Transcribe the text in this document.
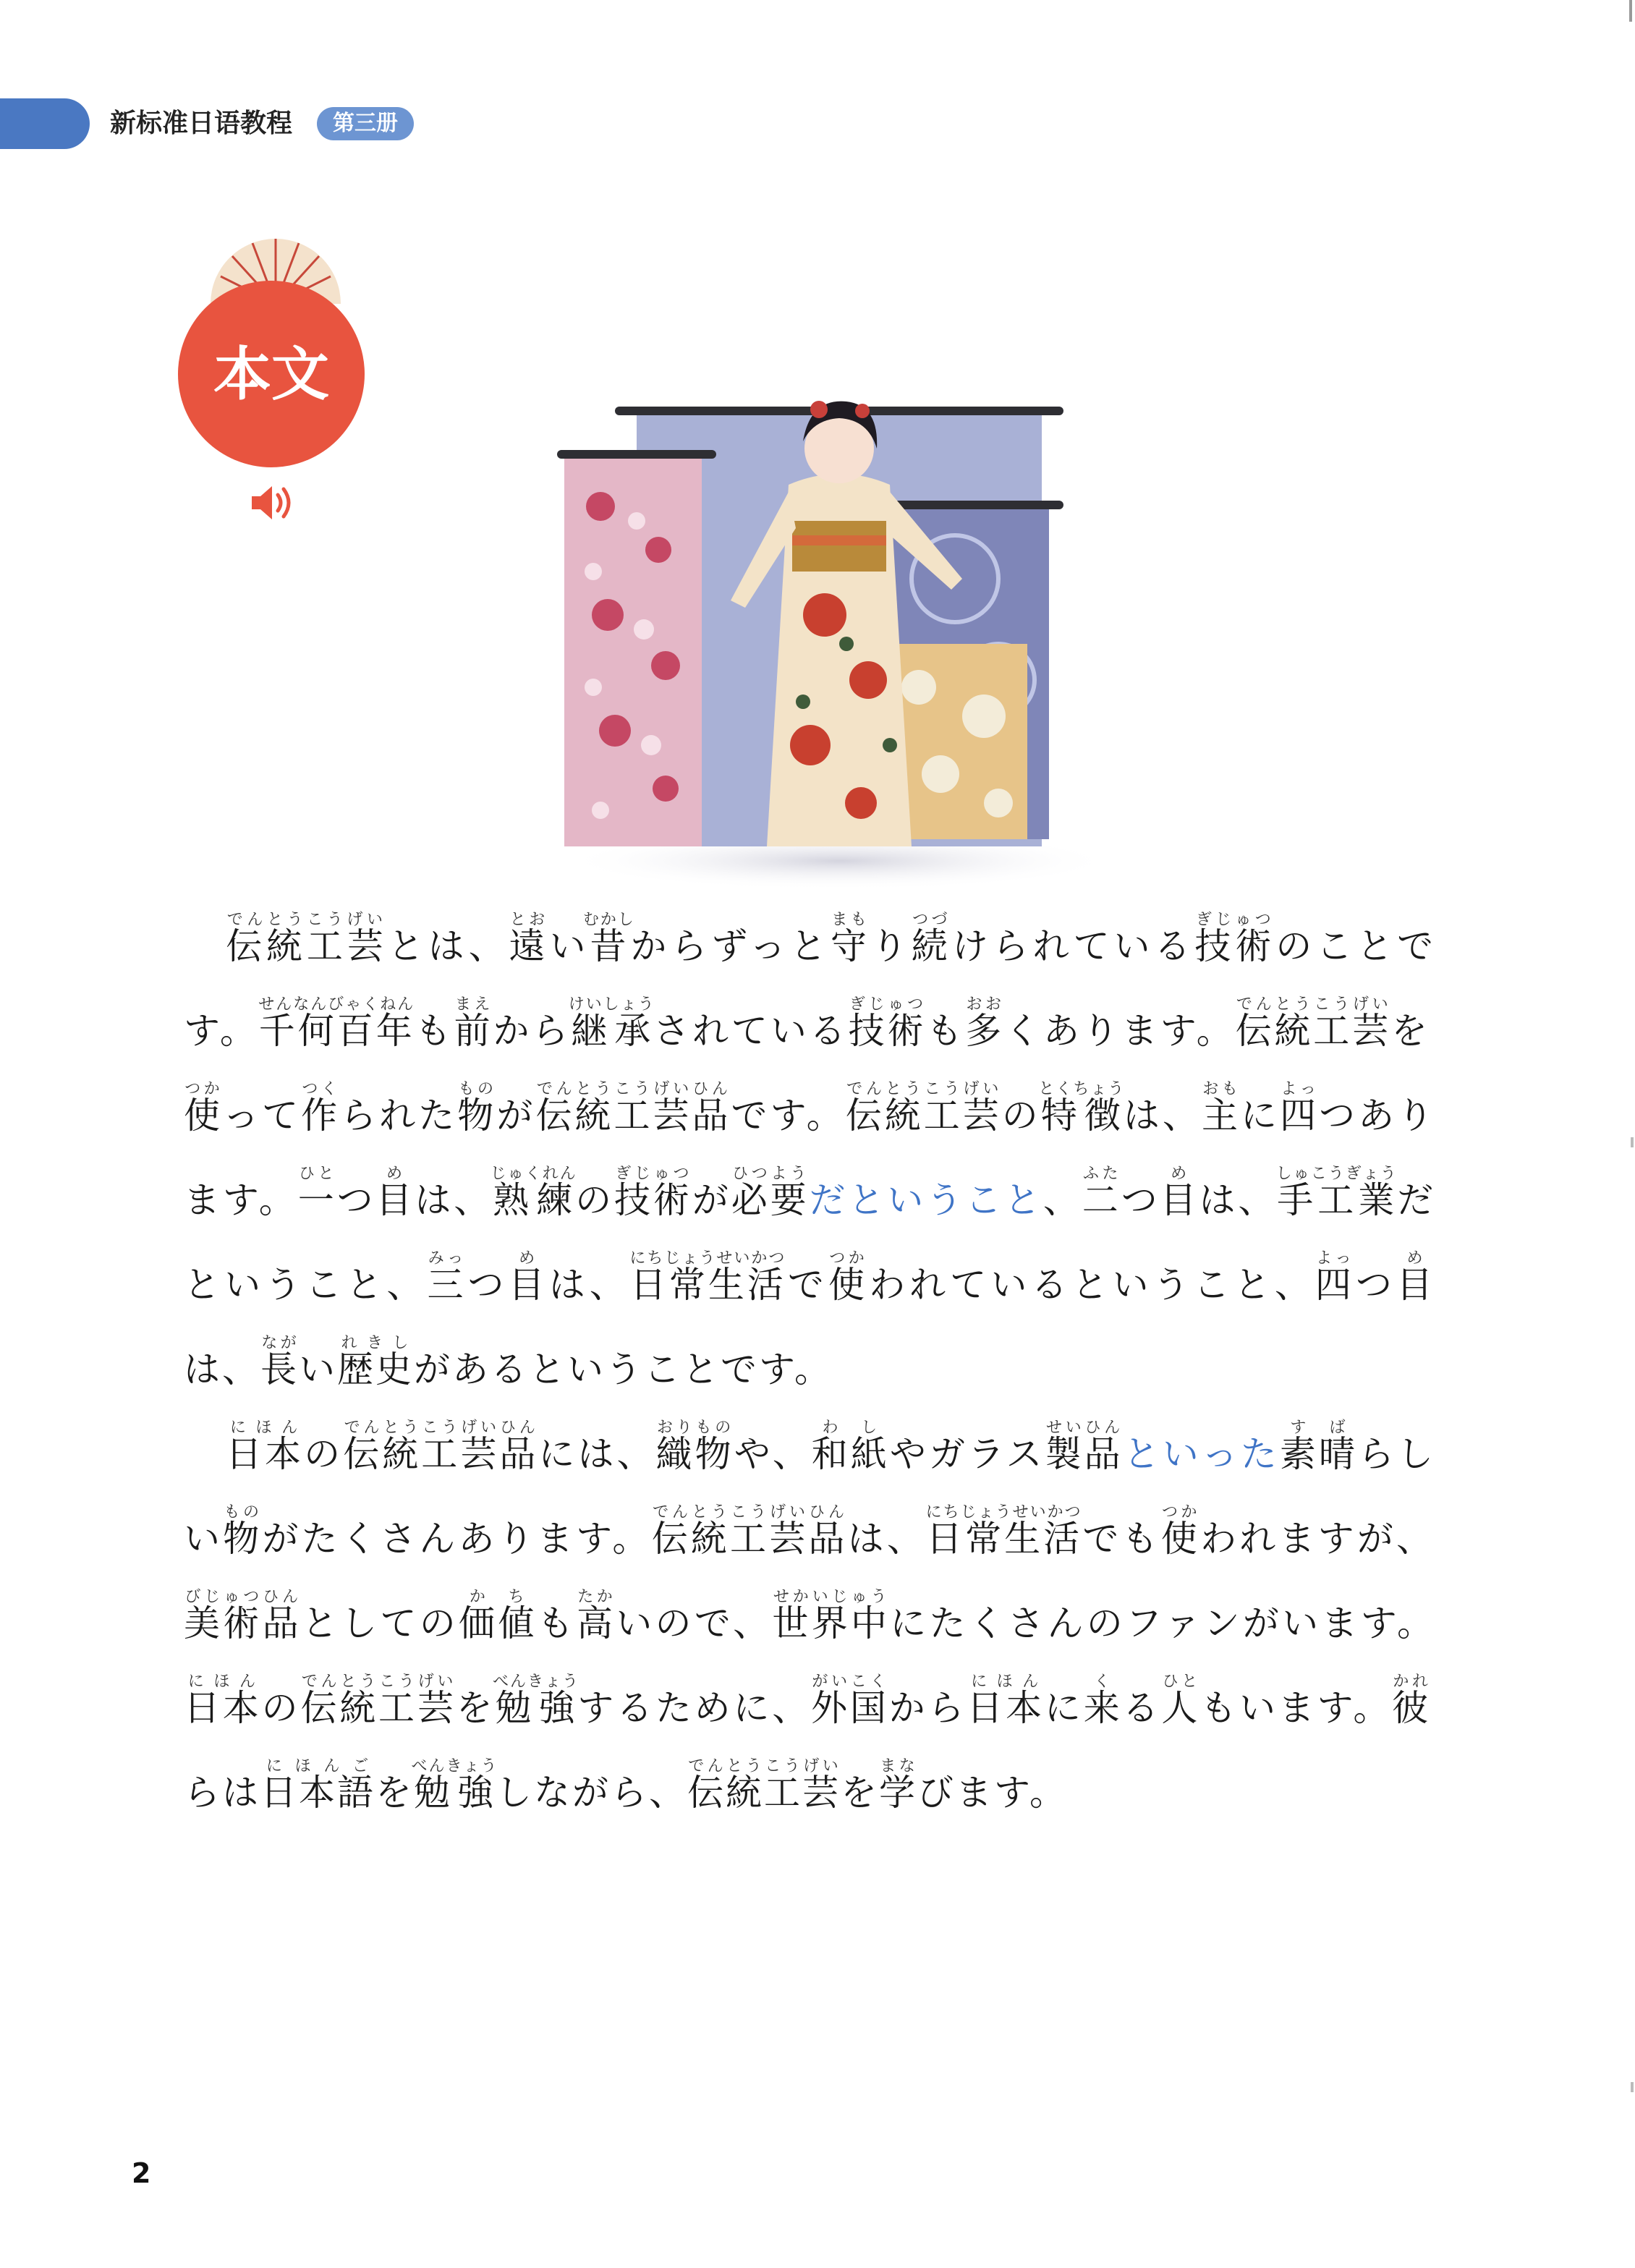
新标准日语教程	第三册
本文

伝統工芸でんとうこうげいとは、遠とおい昔むかしからずっと守まもり続つづけられている技術ぎじゅつのことです。千何百年せんなんびゃくねんも前まえから継承けいしょうされている技術ぎじゅつも多おおくあります。伝統工芸でんとうこうげいを使つかって作つくられた物ものが伝統工芸品でんとうこうげいひんです。伝統工芸でんとうこうげいの特徴とくちょうは、主おもに四よっつあります。一ひとつ目めは、熟練じゅくれんの技術ぎじゅつが必要ひつようだということ、二ふたつ目めは、手工業しゅこうぎょうだということ、三みっつ目めは、日常生活にちじょうせいかつで使つかわれているということ、四よっつ目めは、長ながい歴史れきしがあるということです。

日本にほんの伝統工芸品でんとうこうげいひんには、織物おりものや、和紙わしやガラス製品せいひんといった素す晴ばらしい物ものがたくさんあります。伝統工芸品でんとうこうげいひんは、日常生活にちじょうせいかつでも使つかわれますが、美術品びじゅつひんとしての価値かちも高たかいので、世界中せかいじゅうにたくさんのファンがいます。日本にほんの伝統工芸でんとうこうげいを勉強べんきょうするために、外国がいこくから日本にほんに来くる人ひともいます。彼かれらは日本語にほんごを勉強べんきょうしながら、伝統工芸でんとうこうげいを学まなびます。

2
